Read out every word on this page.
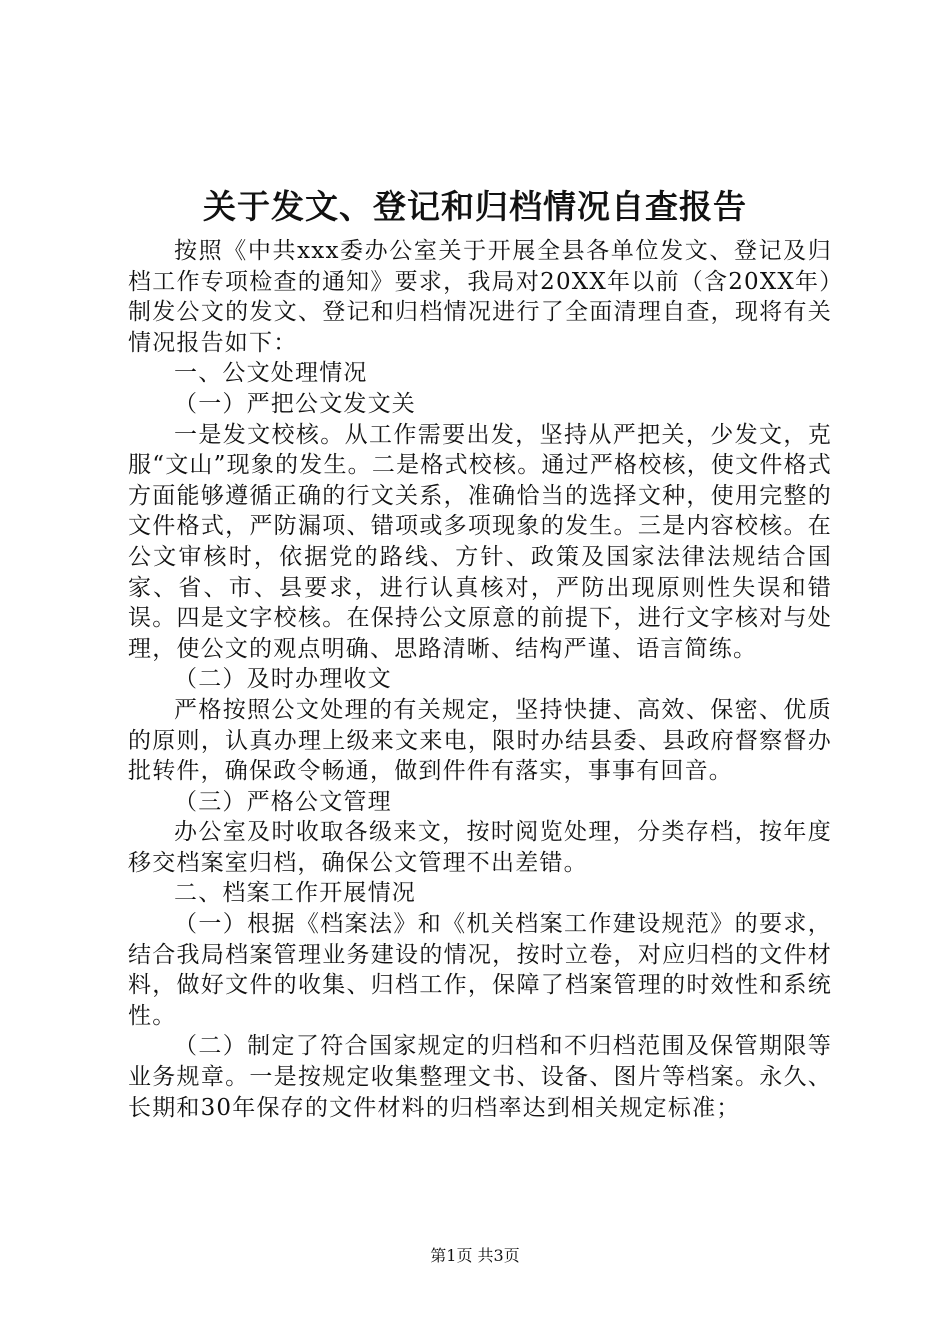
关于发文、登记和归档情况自查报告

按照《中共xxx委办公室关于开展全县各单位发文、登记及归档工作专项检查的通知》要求，我局对20XX年以前（含20XX年）制发公文的发文、登记和归档情况进行了全面清理自查，现将有关情况报告如下：

一、公文处理情况

（一）严把公文发文关

一是发文校核。从工作需要出发，坚持从严把关，少发文，克服“文山”现象的发生。二是格式校核。通过严格校核，使文件格式方面能够遵循正确的行文关系，准确恰当的选择文种，使用完整的文件格式，严防漏项、错项或多项现象的发生。三是内容校核。在公文审核时，依据党的路线、方针、政策及国家法律法规结合国家、省、市、县要求，进行认真核对，严防出现原则性失误和错误。四是文字校核。在保持公文原意的前提下，进行文字核对与处理，使公文的观点明确、思路清晰、结构严谨、语言简练。

（二）及时办理收文

严格按照公文处理的有关规定，坚持快捷、高效、保密、优质的原则，认真办理上级来文来电，限时办结县委、县政府督察督办批转件，确保政令畅通，做到件件有落实，事事有回音。

（三）严格公文管理

办公室及时收取各级来文，按时阅览处理，分类存档，按年度移交档案室归档，确保公文管理不出差错。

二、档案工作开展情况

（一）根据《档案法》和《机关档案工作建设规范》的要求，结合我局档案管理业务建设的情况，按时立卷，对应归档的文件材料，做好文件的收集、归档工作，保障了档案管理的时效性和系统性。

（二）制定了符合国家规定的归档和不归档范围及保管期限等业务规章。一是按规定收集整理文书、设备、图片等档案。永久、长期和30年保存的文件材料的归档率达到相关规定标准；

第1页 共3页
